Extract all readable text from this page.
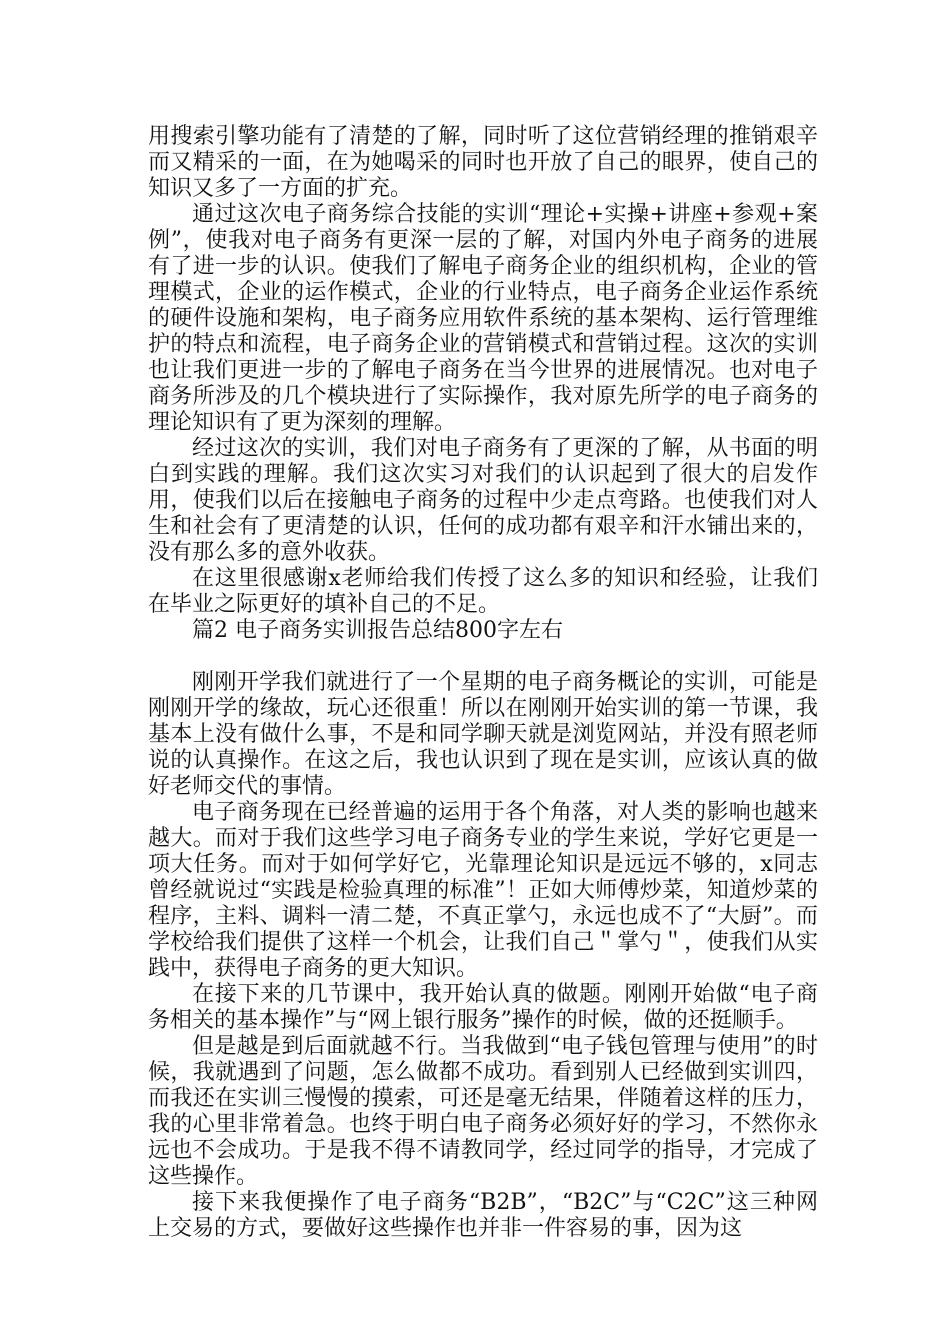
用搜索引擎功能有了清楚的了解，同时听了这位营销经理的推销艰辛而又精采的一面，在为她喝采的同时也开放了自己的眼界，使自己的知识又多了一方面的扩充。

通过这次电子商务综合技能的实训“理论+实操+讲座+参观+案例”，使我对电子商务有更深一层的了解，对国内外电子商务的进展有了进一步的认识。使我们了解电子商务企业的组织机构，企业的管理模式，企业的运作模式，企业的行业特点，电子商务企业运作系统的硬件设施和架构，电子商务应用软件系统的基本架构、运行管理维护的特点和流程，电子商务企业的营销模式和营销过程。这次的实训也让我们更进一步的了解电子商务在当今世界的进展情况。也对电子商务所涉及的几个模块进行了实际操作，我对原先所学的电子商务的理论知识有了更为深刻的理解。

经过这次的实训，我们对电子商务有了更深的了解，从书面的明白到实践的理解。我们这次实习对我们的认识起到了很大的启发作用，使我们以后在接触电子商务的过程中少走点弯路。也使我们对人生和社会有了更清楚的认识，任何的成功都有艰辛和汗水铺出来的，没有那么多的意外收获。

在这里很感谢x老师给我们传授了这么多的知识和经验，让我们在毕业之际更好的填补自己的不足。

篇2 电子商务实训报告总结800字左右

刚刚开学我们就进行了一个星期的电子商务概论的实训，可能是刚刚开学的缘故，玩心还很重！所以在刚刚开始实训的第一节课，我基本上没有做什么事，不是和同学聊天就是浏览网站，并没有照老师说的认真操作。在这之后，我也认识到了现在是实训，应该认真的做好老师交代的事情。

电子商务现在已经普遍的运用于各个角落，对人类的影响也越来越大。而对于我们这些学习电子商务专业的学生来说，学好它更是一项大任务。而对于如何学好它，光靠理论知识是远远不够的，x同志曾经就说过“实践是检验真理的标准”！正如大师傅炒菜，知道炒菜的程序，主料、调料一清二楚，不真正掌勺，永远也成不了“大厨”。而学校给我们提供了这样一个机会，让我们自己＂掌勺＂，使我们从实践中，获得电子商务的更大知识。

在接下来的几节课中，我开始认真的做题。刚刚开始做“电子商务相关的基本操作”与“网上银行服务”操作的时候，做的还挺顺手。

但是越是到后面就越不行。当我做到“电子钱包管理与使用”的时候，我就遇到了问题，怎么做都不成功。看到别人已经做到实训四，而我还在实训三慢慢的摸索，可还是毫无结果，伴随着这样的压力，我的心里非常着急。也终于明白电子商务必须好好的学习，不然你永远也不会成功。于是我不得不请教同学，经过同学的指导，才完成了这些操作。

接下来我便操作了电子商务“B2B”，“B2C”与“C2C”这三种网上交易的方式，要做好这些操作也并非一件容易的事，因为这
